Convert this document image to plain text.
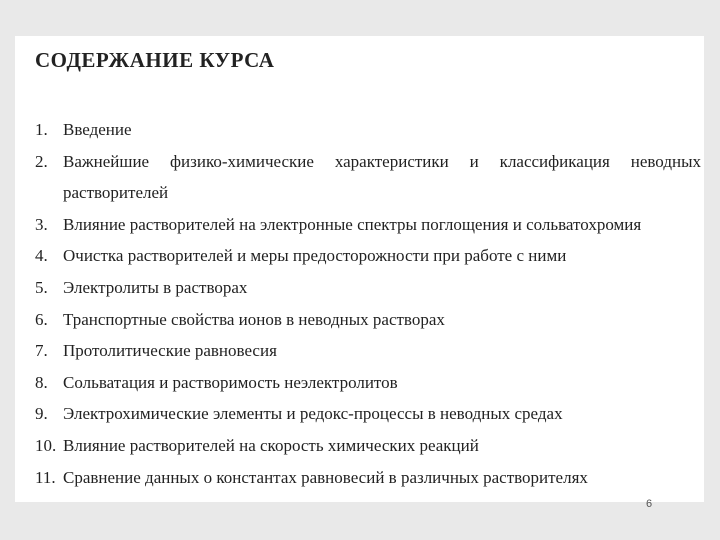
СОДЕРЖАНИЕ КУРСА
1. Введение
2. Важнейшие физико-химические характеристики и классификация неводных растворителей
3. Влияние растворителей на электронные спектры поглощения и сольватохромия
4. Очистка растворителей и меры предосторожности при работе с ними
5. Электролиты в растворах
6. Транспортные свойства ионов в неводных растворах
7. Протолитические равновесия
8. Сольватация и растворимость неэлектролитов
9. Электрохимические элементы и редокс-процессы в неводных средах
10. Влияние растворителей на скорость химических реакций
11. Сравнение данных о константах равновесий в различных растворителях
6
